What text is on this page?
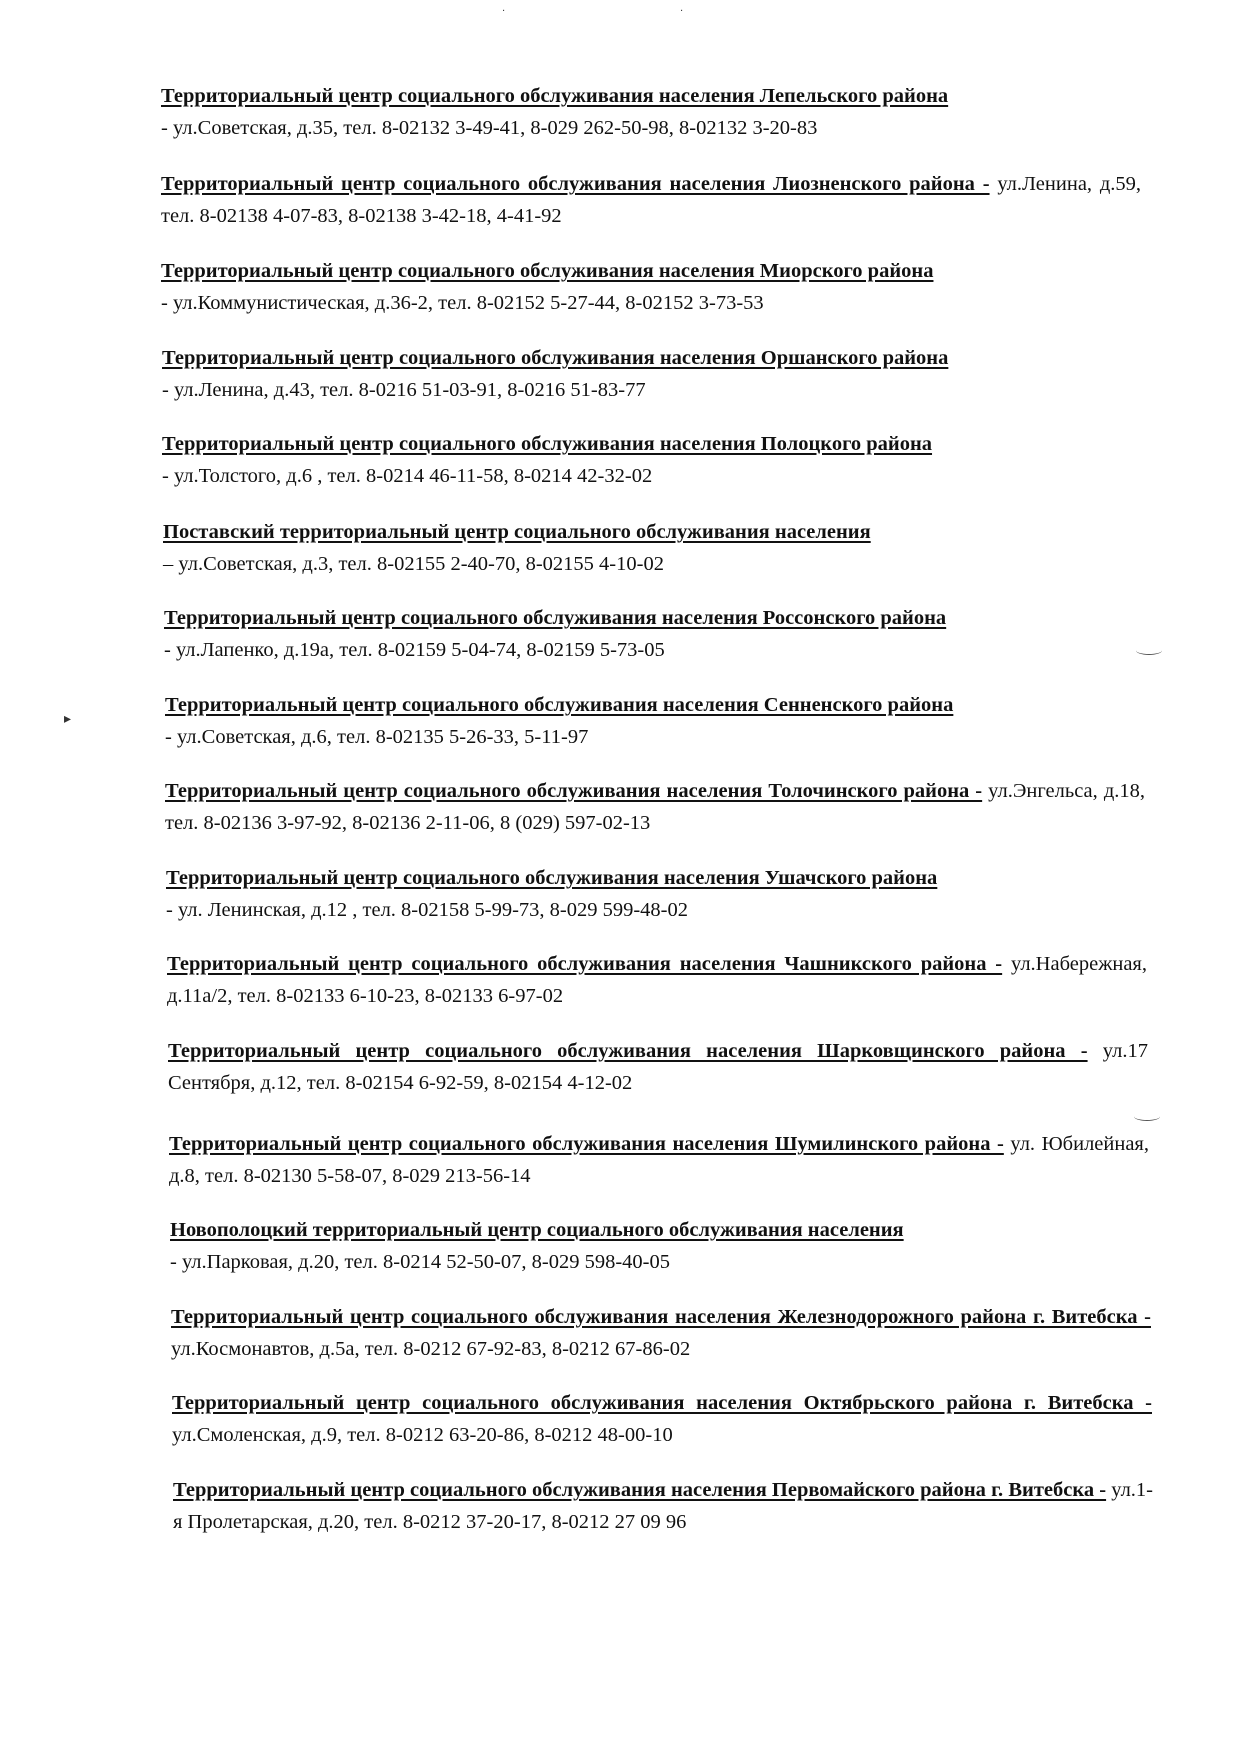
Территориальный центр социального обслуживания населения Лепельского района
- ул.Советская, д.35, тел. 8-02132 3-49-41, 8-029 262-50-98, 8-02132 3-20-83
Территориальный центр социального обслуживания населения Лиозненского района - ул.Ленина, д.59, тел. 8-02138 4-07-83, 8-02138 3-42-18, 4-41-92
Территориальный центр социального обслуживания населения Миорского района
- ул.Коммунистическая, д.36-2, тел. 8-02152 5-27-44, 8-02152 3-73-53
Территориальный центр социального обслуживания населения Оршанского района
- ул.Ленина, д.43, тел. 8-0216 51-03-91, 8-0216 51-83-77
Территориальный центр социального обслуживания населения Полоцкого района
- ул.Толстого, д.6 , тел. 8-0214 46-11-58, 8-0214 42-32-02
Поставский территориальный центр социального обслуживания населения
– ул.Советская, д.3, тел. 8-02155 2-40-70, 8-02155 4-10-02
Территориальный центр социального обслуживания населения Россонского района
- ул.Лапенко, д.19а, тел. 8-02159 5-04-74, 8-02159 5-73-05
Территориальный центр социального обслуживания населения Сенненского района
- ул.Советская, д.6, тел. 8-02135 5-26-33, 5-11-97
Территориальный центр социального обслуживания населения Толочинского района - ул.Энгельса, д.18, тел. 8-02136 3-97-92, 8-02136 2-11-06, 8 (029) 597-02-13
Территориальный центр социального обслуживания населения Ушачского района
- ул. Ленинская, д.12 , тел. 8-02158 5-99-73, 8-029 599-48-02
Территориальный центр социального обслуживания населения Чашникского района - ул.Набережная, д.11а/2, тел. 8-02133 6-10-23, 8-02133 6-97-02
Территориальный центр социального обслуживания населения Шарковщинского района - ул.17 Сентября, д.12, тел. 8-02154 6-92-59, 8-02154 4-12-02
Территориальный центр социального обслуживания населения Шумилинского района - ул. Юбилейная, д.8, тел. 8-02130 5-58-07, 8-029 213-56-14
Новополоцкий территориальный центр социального обслуживания населения
- ул.Парковая, д.20, тел. 8-0214 52-50-07, 8-029 598-40-05
Территориальный центр социального обслуживания населения Железнодорожного района г. Витебска - ул.Космонавтов, д.5а, тел. 8-0212 67-92-83, 8-0212 67-86-02
Территориальный центр социального обслуживания населения Октябрьского района г. Витебска - ул.Смоленская, д.9, тел. 8-0212 63-20-86, 8-0212 48-00-10
Территориальный центр социального обслуживания населения Первомайского района г. Витебска - ул.1-я Пролетарская, д.20, тел. 8-0212 37-20-17, 8-0212 27 09 96
▸
·	·
